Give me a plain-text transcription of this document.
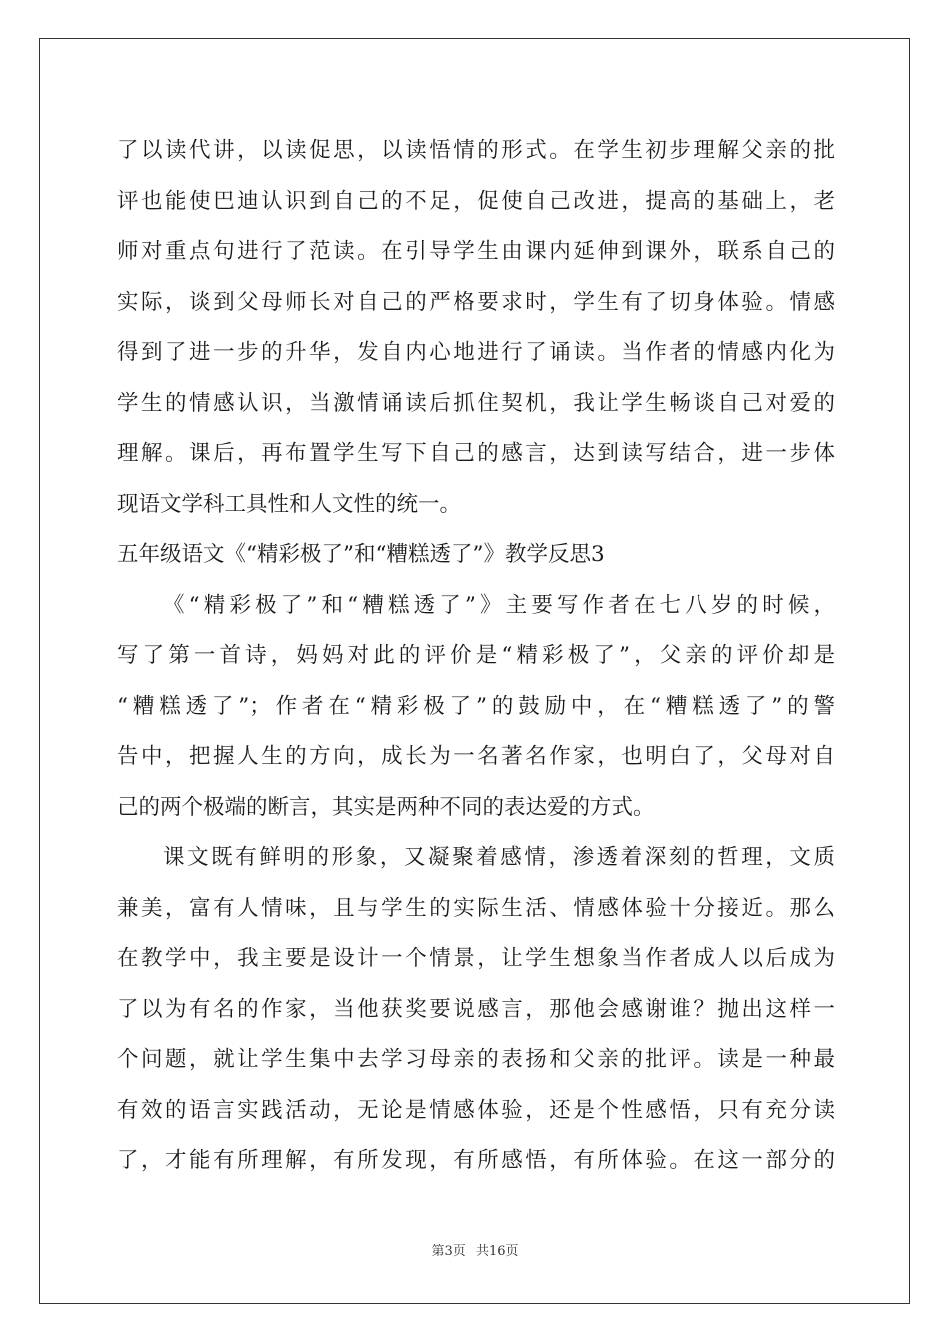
了以读代讲，以读促思，以读悟情的形式。在学生初步理解父亲的批
评也能使巴迪认识到自己的不足，促使自己改进，提高的基础上，老
师对重点句进行了范读。在引导学生由课内延伸到课外，联系自己的
实际，谈到父母师长对自己的严格要求时，学生有了切身体验。情感
得到了进一步的升华，发自内心地进行了诵读。当作者的情感内化为
学生的情感认识，当激情诵读后抓住契机，我让学生畅谈自己对爱的
理解。课后，再布置学生写下自己的感言，达到读写结合，进一步体
现语文学科工具性和人文性的统一。
五年级语文《“精彩极了”和“糟糕透了”》教学反思3
《“精彩极了”和“糟糕透了”》主要写作者在七八岁的时候，
写了第一首诗，妈妈对此的评价是“精彩极了”，父亲的评价却是
“糟糕透了”；作者在“精彩极了”的鼓励中，在“糟糕透了”的警
告中，把握人生的方向，成长为一名著名作家，也明白了，父母对自
己的两个极端的断言，其实是两种不同的表达爱的方式。
课文既有鲜明的形象，又凝聚着感情，渗透着深刻的哲理，文质
兼美，富有人情味，且与学生的实际生活、情感体验十分接近。那么
在教学中，我主要是设计一个情景，让学生想象当作者成人以后成为
了以为有名的作家，当他获奖要说感言，那他会感谢谁？抛出这样一
个问题，就让学生集中去学习母亲的表扬和父亲的批评。读是一种最
有效的语言实践活动，无论是情感体验，还是个性感悟，只有充分读
了，才能有所理解，有所发现，有所感悟，有所体验。在这一部分的
第3页 共16页
